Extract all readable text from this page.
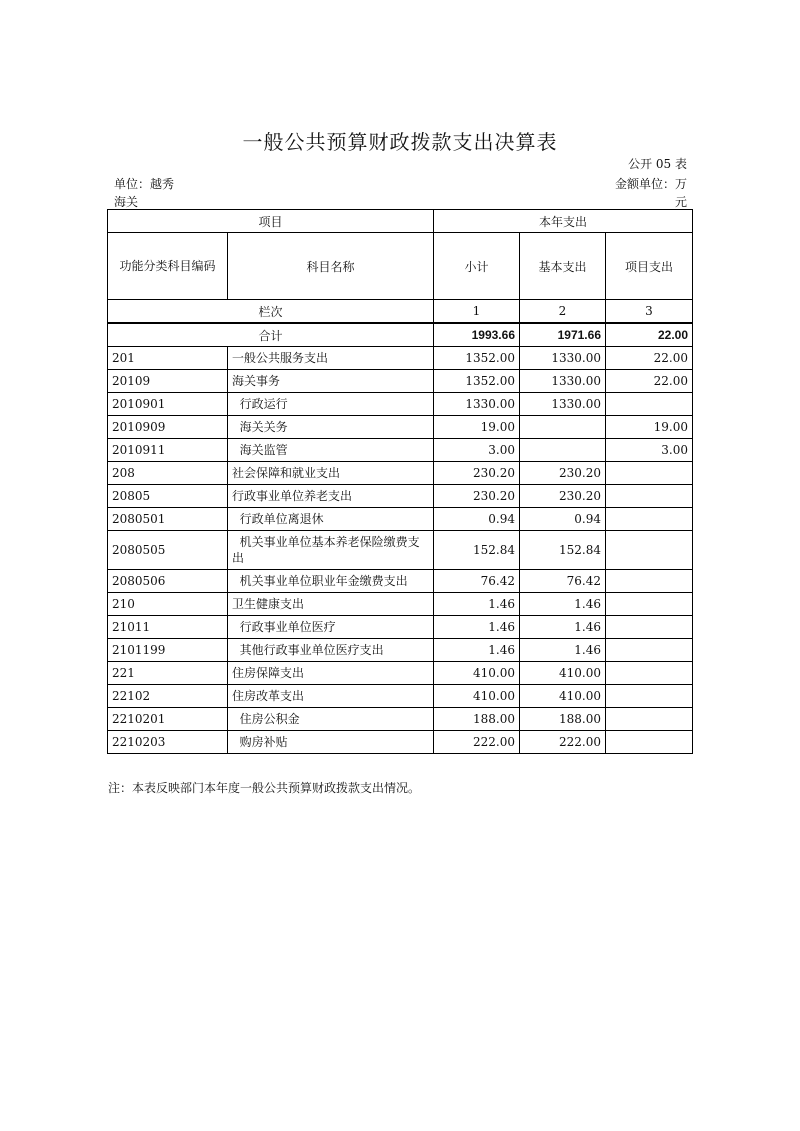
一般公共预算财政拨款支出决算表
公开 05 表
单位：越秀
海关
金额单位：万
元
项目		本年支出		
功能分类科目编码	科目名称	小计	基本支出	项目支出
栏次		1	2	3
合计		1993.66	1971.66	22.00
201	一般公共服务支出	1352.00	1330.00	22.00
20109	海关事务	1352.00	1330.00	22.00
2010901	行政运行	1330.00	1330.00	
2010909	海关关务	19.00		19.00
2010911	海关监管	3.00		3.00
208	社会保障和就业支出	230.20	230.20	
20805	行政事业单位养老支出	230.20	230.20	
2080501	行政单位离退休	0.94	0.94	
2080505	机关事业单位基本养老保险缴费支出	152.84	152.84	
2080506	机关事业单位职业年金缴费支出	76.42	76.42	
210	卫生健康支出	1.46	1.46	
21011	行政事业单位医疗	1.46	1.46	
2101199	其他行政事业单位医疗支出	1.46	1.46	
221	住房保障支出	410.00	410.00	
22102	住房改革支出	410.00	410.00	
2210201	住房公积金	188.00	188.00	
2210203	购房补贴	222.00	222.00	
注：本表反映部门本年度一般公共预算财政拨款支出情况。
